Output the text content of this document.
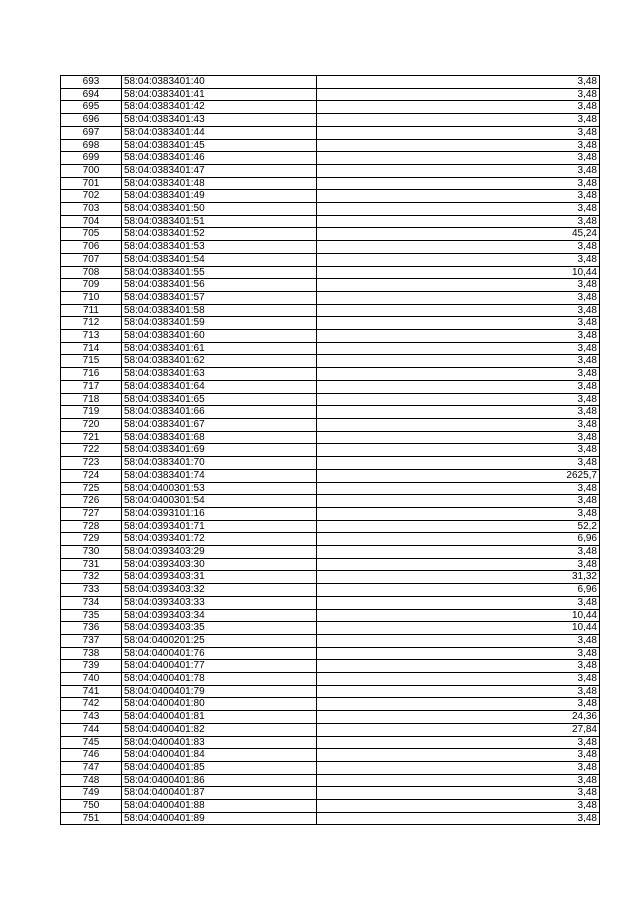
693	58:04:0383401:40	3,48
694	58:04:0383401:41	3,48
695	58:04:0383401:42	3,48
696	58:04:0383401:43	3,48
697	58:04:0383401:44	3,48
698	58:04:0383401:45	3,48
699	58:04:0383401:46	3,48
700	58:04:0383401:47	3,48
701	58:04:0383401:48	3,48
702	58:04:0383401:49	3,48
703	58:04:0383401:50	3,48
704	58:04:0383401:51	3,48
705	58:04:0383401:52	45,24
706	58:04:0383401:53	3,48
707	58:04:0383401:54	3,48
708	58:04:0383401:55	10,44
709	58:04:0383401:56	3,48
710	58:04:0383401:57	3,48
711	58:04:0383401:58	3,48
712	58:04:0383401:59	3,48
713	58:04:0383401:60	3,48
714	58:04:0383401:61	3,48
715	58:04:0383401:62	3,48
716	58:04:0383401:63	3,48
717	58:04:0383401:64	3,48
718	58:04:0383401:65	3,48
719	58:04:0383401:66	3,48
720	58:04:0383401:67	3,48
721	58:04:0383401:68	3,48
722	58:04:0383401:69	3,48
723	58:04:0383401:70	3,48
724	58:04:0383401:74	2625,7
725	58:04:0400301:53	3,48
726	58:04:0400301:54	3,48
727	58:04:0393101:16	3,48
728	58:04:0393401:71	52,2
729	58:04:0393401:72	6,96
730	58:04:0393403:29	3,48
731	58:04:0393403:30	3,48
732	58:04:0393403:31	31,32
733	58:04:0393403:32	6,96
734	58:04:0393403:33	3,48
735	58:04:0393403:34	10,44
736	58:04:0393403:35	10,44
737	58:04:0400201:25	3,48
738	58:04:0400401:76	3,48
739	58:04:0400401:77	3,48
740	58:04:0400401:78	3,48
741	58:04:0400401:79	3,48
742	58:04:0400401:80	3,48
743	58:04:0400401:81	24,36
744	58:04:0400401:82	27,84
745	58:04:0400401:83	3,48
746	58:04:0400401:84	3,48
747	58:04:0400401:85	3,48
748	58:04:0400401:86	3,48
749	58:04:0400401:87	3,48
750	58:04:0400401:88	3,48
751	58:04:0400401:89	3,48
